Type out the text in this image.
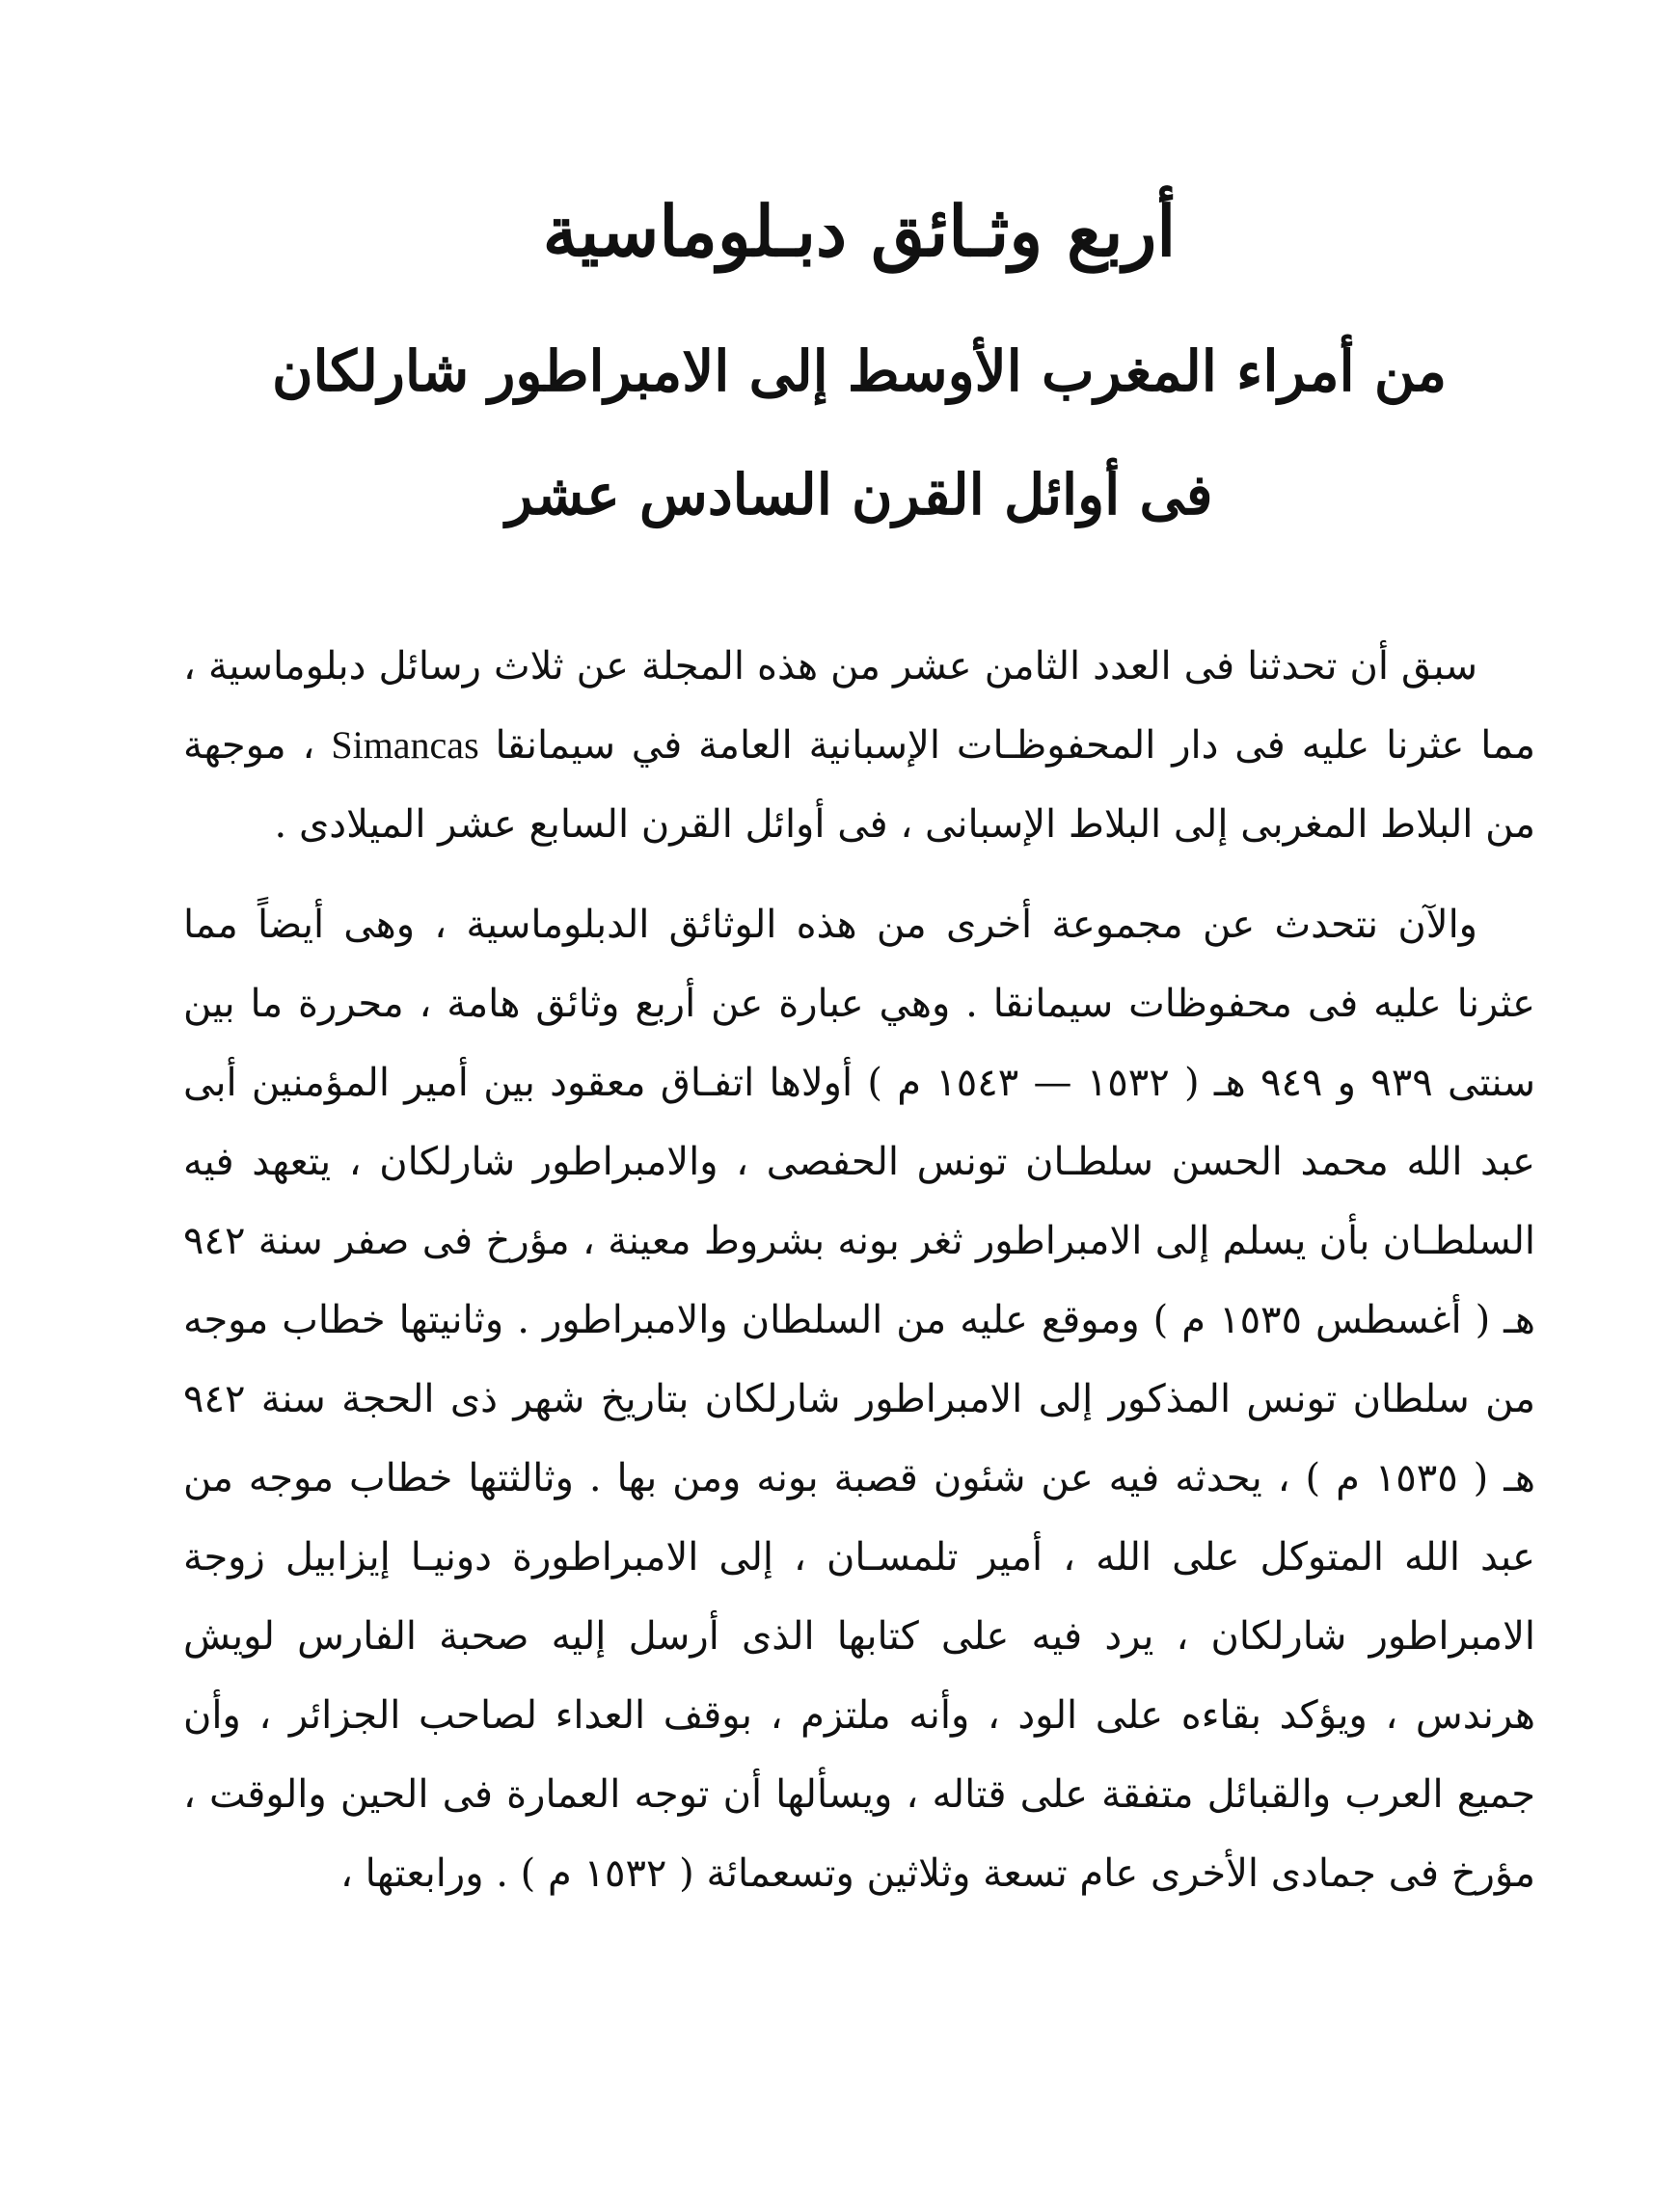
أربع وثـائق دبـلوماسية
من أمراء المغرب الأوسط إلى الامبراطور شارلكان
فى أوائل القرن السادس عشر

سبق أن تحدثنا فى العدد الثامن عشر من هذه المجلة عن ثلاث رسائل دبلوماسية ، مما عثرنا عليه فى دار المحفوظـات الإسبانية العامة في سيمانقا Simancas ، موجهة من البلاط المغربى إلى البلاط الإسبانى ، فى أوائل القرن السابع عشر الميلادى .

والآن نتحدث عن مجموعة أخرى من هذه الوثائق الدبلوماسية ، وهى أيضاً مما عثرنا عليه فى محفوظات سيمانقا . وهي عبارة عن أربع وثائق هامة ، محررة ما بين سنتى ٩٣٩ و ٩٤٩ هـ ( ١٥٣٢ — ١٥٤٣ م ) أولاها اتفـاق معقود بين أمير المؤمنين أبى عبد الله محمد الحسن سلطـان تونس الحفصى ، والامبراطور شارلكان ، يتعهد فيه السلطـان بأن يسلم إلى الامبراطور ثغر بونه بشروط معينة ، مؤرخ فى صفر سنة ٩٤٢ هـ ( أغسطس ١٥٣٥ م ) وموقع عليه من السلطان والامبراطور . وثانيتها خطاب موجه من سلطان تونس المذكور إلى الامبراطور شارلكان بتاريخ شهر ذى الحجة سنة ٩٤٢ هـ ( ١٥٣٥ م ) ، يحدثه فيه عن شئون قصبة بونه ومن بها . وثالثتها خطاب موجه من عبد الله المتوكل على الله ، أمير تلمسـان ، إلى الامبراطورة دونيـا إيزابيل زوجة الامبراطور شارلكان ، يرد فيه على كتابها الذى أرسل إليه صحبة الفارس لويش هرندس ، ويؤكد بقاءه على الود ، وأنه ملتزم ، بوقف العداء لصاحب الجزائر ، وأن جميع العرب والقبائل متفقة على قتاله ، ويسألها أن توجه العمارة فى الحين والوقت ، مؤرخ فى جمادى الأخرى عام تسعة وثلاثين وتسعمائة ( ١٥٣٢ م ) . ورابعتها ،
